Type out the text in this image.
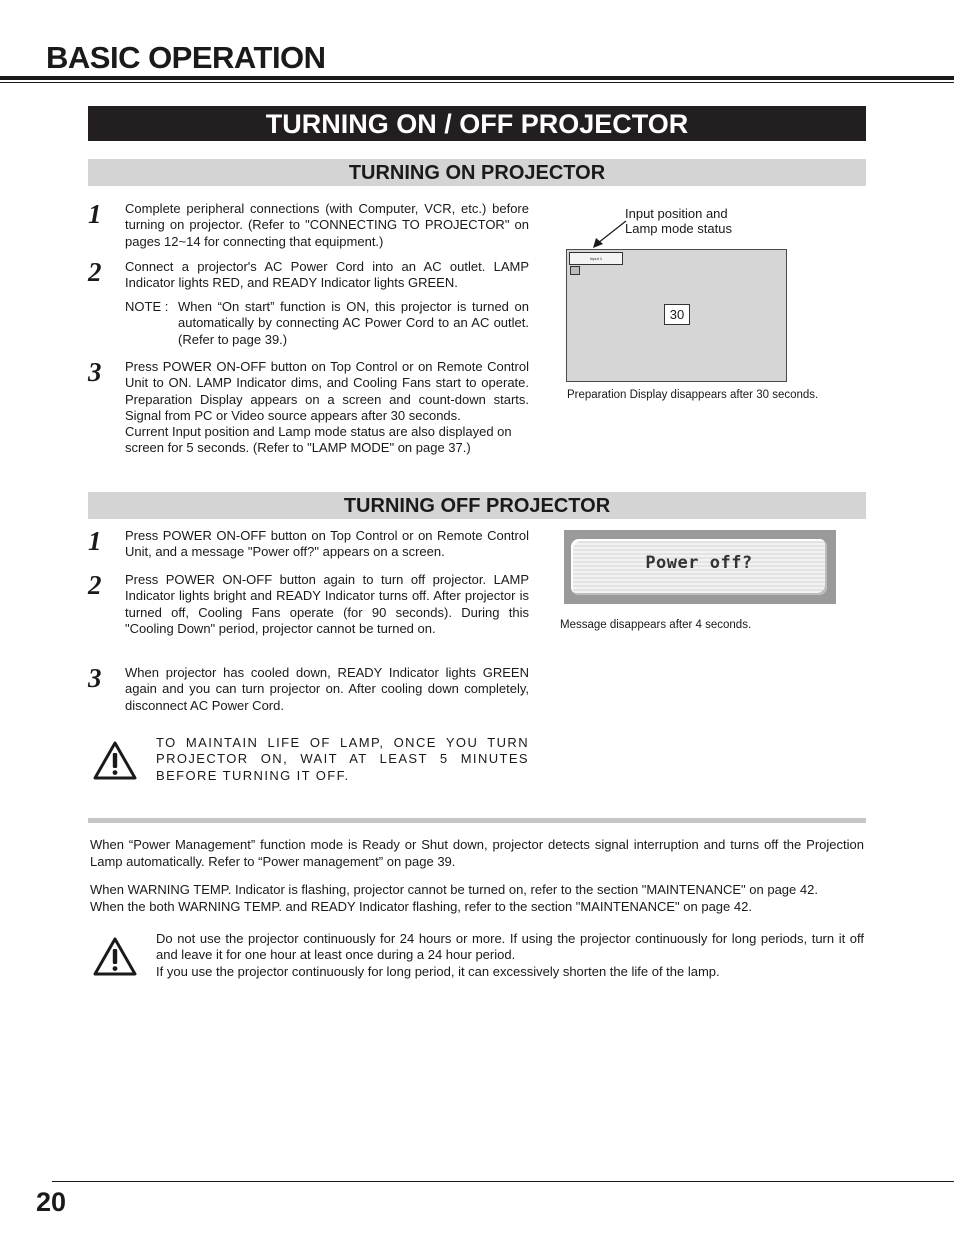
BASIC OPERATION
TURNING ON / OFF PROJECTOR
TURNING ON PROJECTOR
1	Complete peripheral connections (with Computer, VCR, etc.) before turning on projector. (Refer to "CONNECTING TO PROJECTOR" on pages 12~14 for connecting that equipment.)

2	Connect a projector's AC Power Cord into an AC outlet. LAMP Indicator lights RED, and READY Indicator lights GREEN.

NOTE : When “On start” function is ON, this projector is turned on automatically by connecting AC Power Cord to an AC outlet. (Refer to page 39.)
3	Press POWER ON-OFF button on Top Control or on Remote Control Unit to ON. LAMP Indicator dims, and Cooling Fans start to operate. Preparation Display appears on a screen and count-down starts. Signal from PC or Video source appears after 30 seconds.
Current Input position and Lamp mode status are also displayed on screen for 5 seconds. (Refer to "LAMP MODE" on page 37.)
Input position and
Lamp mode status
Input 1
30
Preparation Display disappears after 30 seconds.
TURNING OFF PROJECTOR
1	Press POWER ON-OFF button on Top Control or on Remote Control Unit, and a message "Power off?" appears on a screen.

2	Press POWER ON-OFF button again to turn off projector. LAMP Indicator lights bright and READY Indicator turns off. After projector is turned off, Cooling Fans operate (for 90 seconds). During this "Cooling Down" period, projector cannot be turned on.

3	When projector has cooled down, READY Indicator lights GREEN again and you can turn projector on. After cooling down completely, disconnect AC Power Cord.

TO MAINTAIN LIFE OF LAMP, ONCE YOU TURN PROJECTOR ON, WAIT AT LEAST 5 MINUTES BEFORE TURNING IT OFF.
Power off?
Message disappears after 4 seconds.

When “Power Management” function mode is Ready or Shut down, projector detects signal interruption and turns off the Projection Lamp automatically. Refer to “Power management” on page 39.

When WARNING TEMP. Indicator is flashing, projector cannot be turned on, refer to the section "MAINTENANCE" on page 42.

When the both WARNING TEMP. and READY Indicator flashing, refer to the section "MAINTENANCE" on page 42.

Do not use the projector continuously for 24 hours or more. If using the projector continuously for long periods, turn it off and leave it for one hour at least once during a 24 hour period.
If you use the projector continuously for long period, it can excessively shorten the life of the lamp.
20
